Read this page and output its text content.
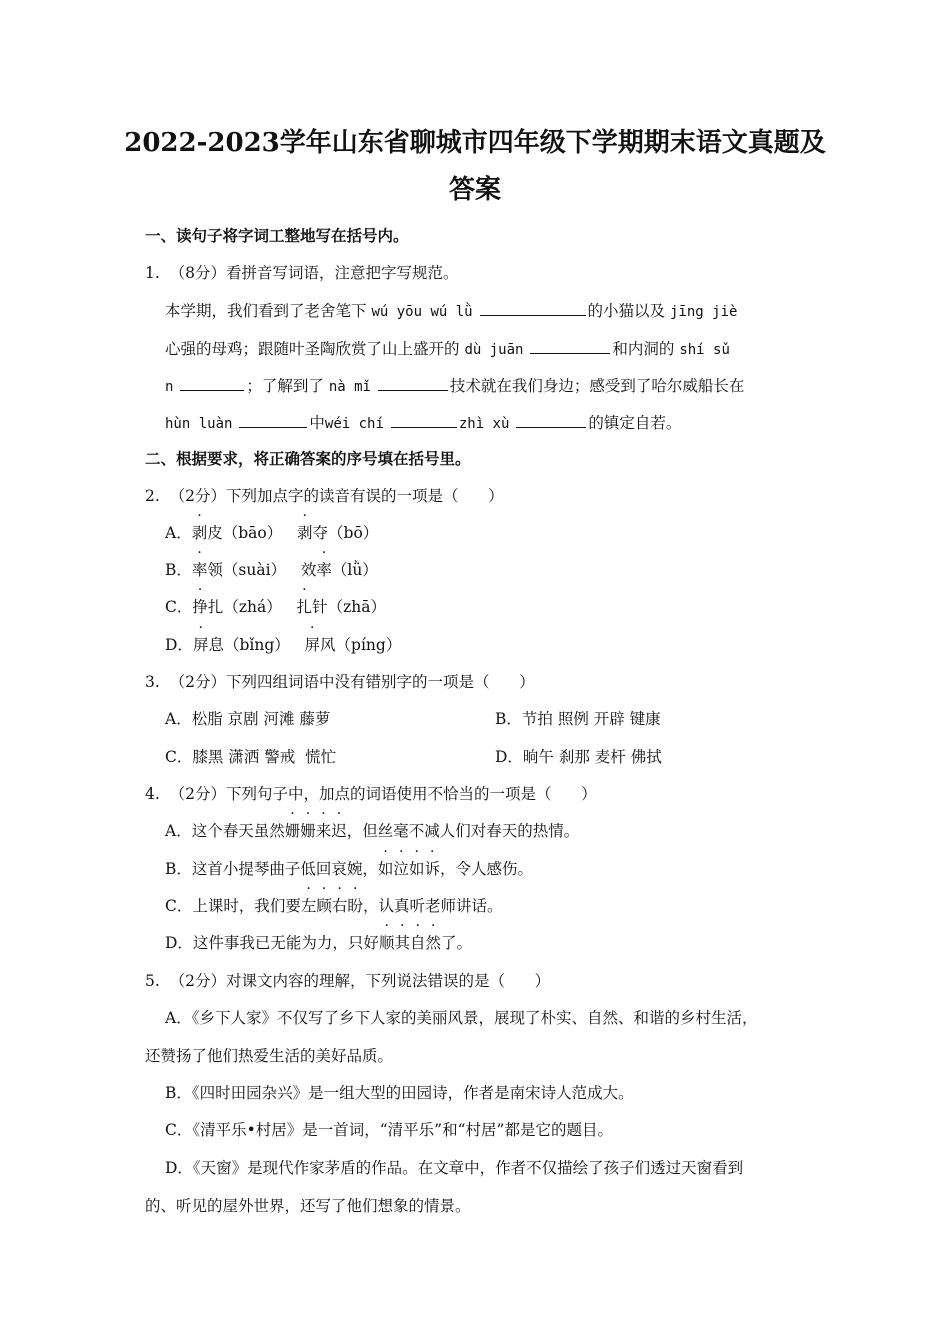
2022-2023学年山东省聊城市四年级下学期期末语文真题及
答案
一、读句子将字词工整地写在括号内。
1.  （8分）看拼音写词语，注意把字写规范。
本学期，我们看到了老舍笔下 wú yōu wú lǜ	的小猫以及 jīng jiè
心强的母鸡；跟随叶圣陶欣赏了山上盛开的 dù juān	和内洞的 shí sǔ
n	；了解到了 nà mǐ	技术就在我们身边；感受到了哈尔威船长在
hùn luàn	中wéi chí	zhì xù	的镇定自若。
二、根据要求，将正确答案的序号填在括号里。
2.  （2分）下列加点字的读音有误的一项是（      ）
A．剥皮（bāo）   剥夺（bō）
B．率领（suài）   效率（lǜ）
C．挣扎（zhá）   扎针（zhā）
D．屏息（bǐng）   屏风（píng）
3.  （2分）下列四组词语中没有错别字的一项是（      ）
A．松脂 京剧 河滩 藤萝	B．节拍 照例 开辟 键康
C．膝黑 潇洒 警戒  慌忙	D．晌午 刹那 麦杆 佛拭
4.  （2分）下列句子中，加点的词语使用不恰当的一项是（      ）
A．这个春天虽然姗姗来迟，但丝毫不减人们对春天的热情。
B．这首小提琴曲子低回哀婉，如泣如诉，令人感伤。
C．上课时，我们要左顾右盼，认真听老师讲话。
D．这件事我已无能为力，只好顺其自然了。
5.  （2分）对课文内容的理解，下列说法错误的是（      ）
A．《乡下人家》不仅写了乡下人家的美丽风景，展现了朴实、自然、和谐的乡村生活，
还赞扬了他们热爱生活的美好品质。
B．《四时田园杂兴》是一组大型的田园诗，作者是南宋诗人范成大。
C．《清平乐•村居》是一首词，“清平乐”和“村居”都是它的题目。
D．《天窗》是现代作家茅盾的作品。在文章中，作者不仅描绘了孩子们透过天窗看到
的、听见的屋外世界，还写了他们想象的情景。
